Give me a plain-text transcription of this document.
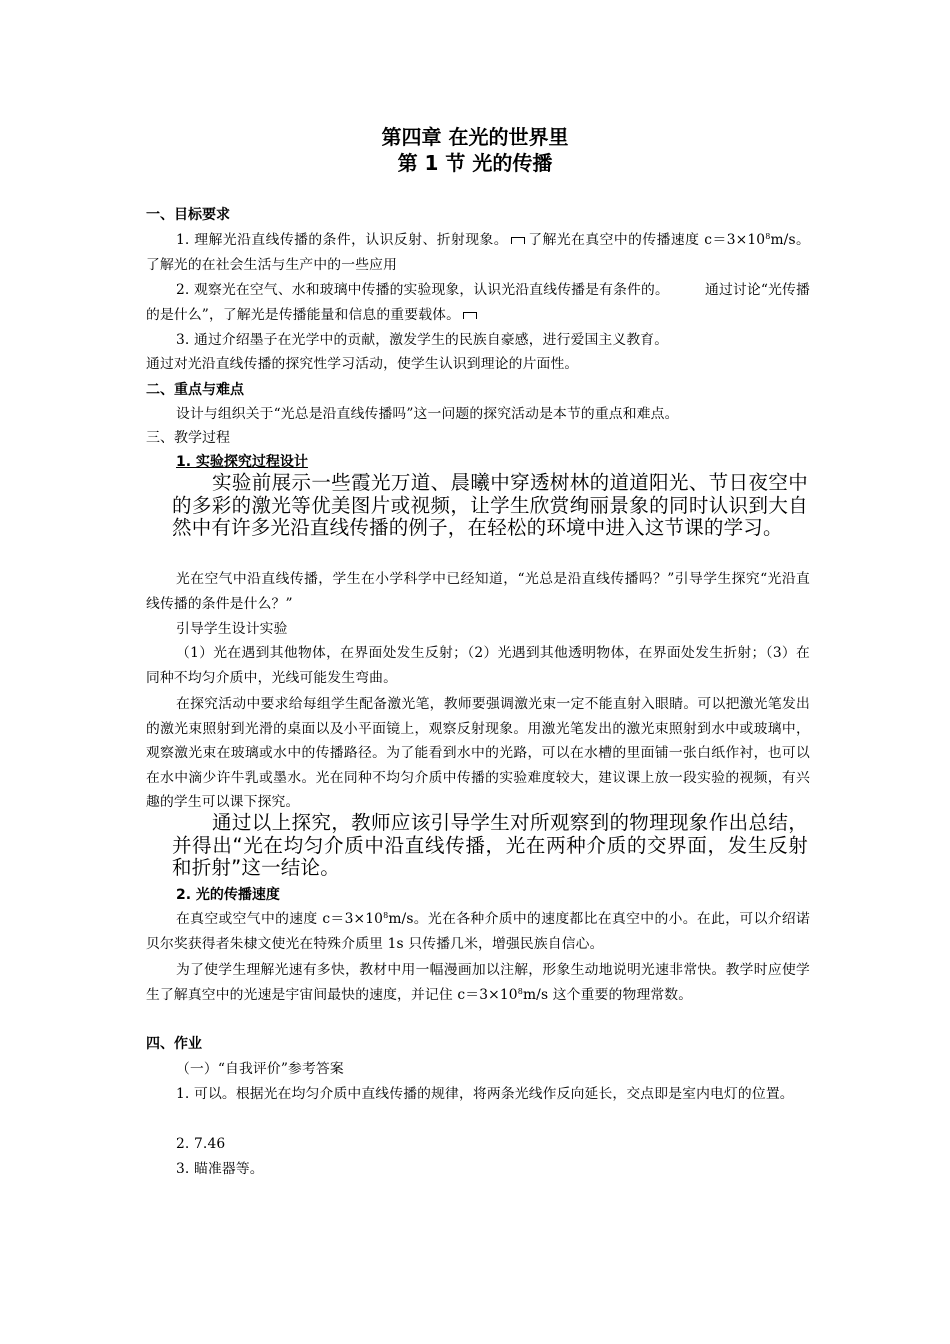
第四章 在光的世界里
第 1 节 光的传播
一、目标要求
1. 理解光沿直线传播的条件，认识反射、折射现象。 了解光在真空中的传播速度 $c=3\times 10^8m/s$。了解光的在社会生活与生产中的一些应用
2. 观察光在空气、水和玻璃中传播的实验现象，认识光沿直线传播是有条件的。	通过讨论“光传播的是什么”，了解光是传播能量和信息的重要载体。
3. 通过介绍墨子在光学中的贡献，激发学生的民族自豪感，进行爱国主义教育。
通过对光沿直线传播的探究性学习活动，使学生认识到理论的片面性。
二、重点与难点
设计与组织关于“光总是沿直线传播吗”这一问题的探究活动是本节的重点和难点。
三、教学过程
1. 实验探究过程设计
实验前展示一些霞光万道、晨曦中穿透树林的道道阳光、节日夜空中的多彩的激光等优美图片或视频，让学生欣赏绚丽景象的同时认识到大自然中有许多光沿直线传播的例子，在轻松的环境中进入这节课的学习。
光在空气中沿直线传播，学生在小学科学中已经知道，“光总是沿直线传播吗？”引导学生探究“光沿直线传播的条件是什么？”
引导学生设计实验
（1）光在遇到其他物体，在界面处发生反射；（2）光遇到其他透明物体，在界面处发生折射；（3）在同种不均匀介质中，光线可能发生弯曲。
在探究活动中要求给每组学生配备激光笔，教师要强调激光束一定不能直射入眼睛。可以把激光笔发出的激光束照射到光滑的桌面以及小平面镜上，观察反射现象。用激光笔发出的激光束照射到水中或玻璃中，观察激光束在玻璃或水中的传播路径。为了能看到水中的光路，可以在水槽的里面铺一张白纸作衬，也可以在水中滴少许牛乳或墨水。光在同种不均匀介质中传播的实验难度较大，建议课上放一段实验的视频，有兴趣的学生可以课下探究。
通过以上探究，教师应该引导学生对所观察到的物理现象作出总结，并得出“光在均匀介质中沿直线传播，光在两种介质的交界面，发生反射和折射”这一结论。
2. 光的传播速度
在真空或空气中的速度 $c=3\times 10^8m/s$。光在各种介质中的速度都比在真空中的小。在此，可以介绍诺贝尔奖获得者朱棣文使光在特殊介质里 1s 只传播几米，增强民族自信心。
为了使学生理解光速有多快，教材中用一幅漫画加以注解，形象生动地说明光速非常快。教学时应使学生了解真空中的光速是宇宙间最快的速度，并记住 $c=3\times 10^8m/s$ 这个重要的物理常数。
四、作业
（一）“自我评价”参考答案
1. 可以。根据光在均匀介质中直线传播的规律，将两条光线作反向延长，交点即是室内电灯的位置。
2. 7.46
3. 瞄准器等。
